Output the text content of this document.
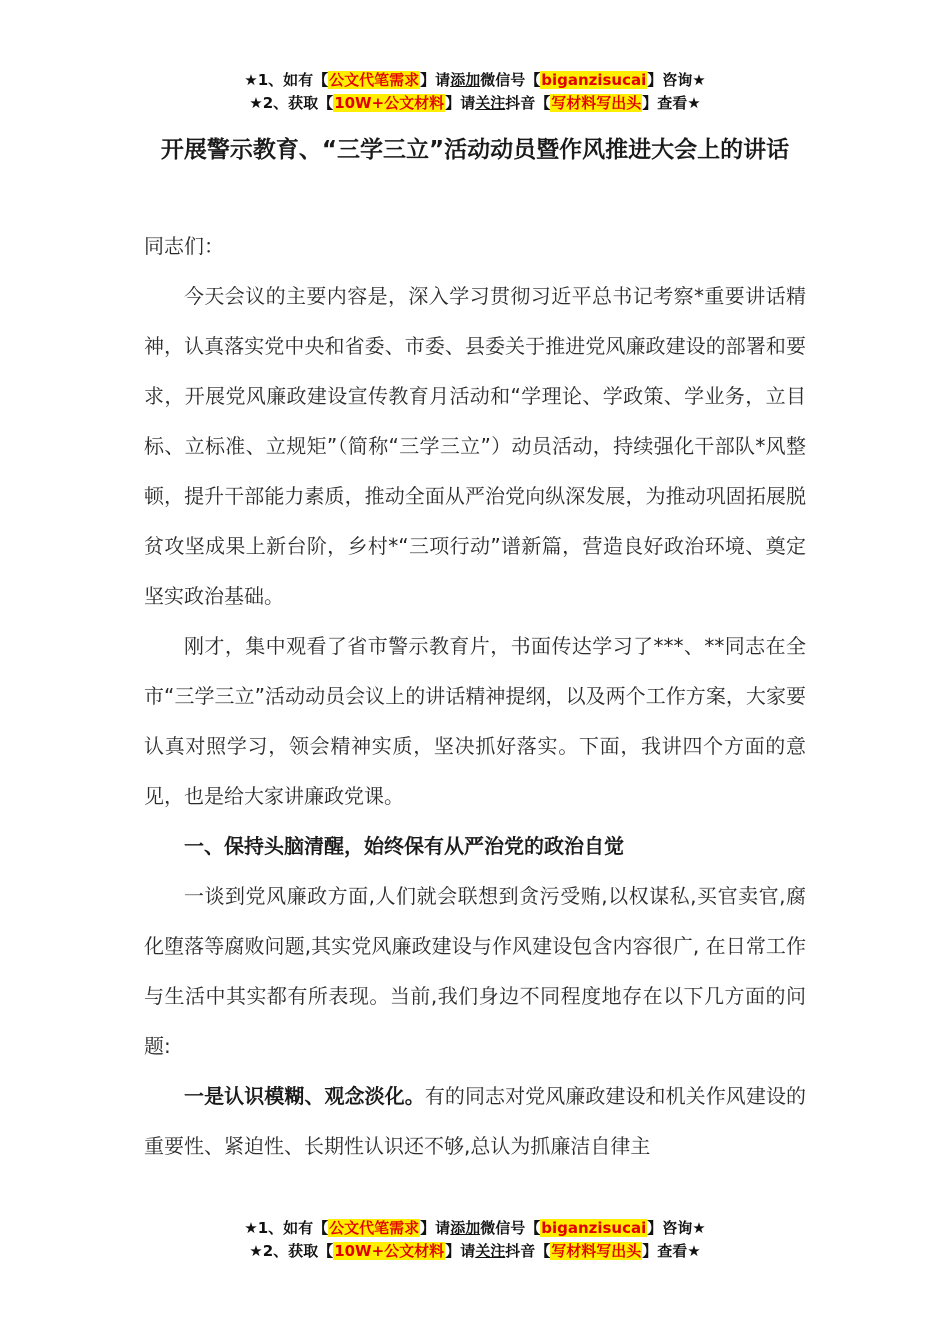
★1、如有【公文代笔需求】请添加微信号【biganzisucai】咨询★
★2、获取【10W+公文材料】请关注抖音【写材料写出头】查看★
开展警示教育、“三学三立”活动动员暨作风推进大会上的讲话

同志们：

今天会议的主要内容是，深入学习贯彻习近平总书记考察*重要讲话精神，认真落实党中央和省委、市委、县委关于推进党风廉政建设的部署和要求，开展党风廉政建设宣传教育月活动和“学理论、学政策、学业务，立目标、立标准、立规矩”（简称“三学三立”）动员活动，持续强化干部队*风整顿，提升干部能力素质，推动全面从严治党向纵深发展，为推动巩固拓展脱贫攻坚成果上新台阶，乡村*“三项行动”谱新篇，营造良好政治环境、奠定坚实政治基础。

刚才，集中观看了省市警示教育片，书面传达学习了***、**同志在全市“三学三立”活动动员会议上的讲话精神提纲，以及两个工作方案，大家要认真对照学习，领会精神实质，坚决抓好落实。下面，我讲四个方面的意见，也是给大家讲廉政党课。

一、保持头脑清醒，始终保有从严治党的政治自觉

一谈到党风廉政方面,人们就会联想到贪污受贿,以权谋私,买官卖官,腐化堕落等腐败问题,其实党风廉政建设与作风建设包含内容很广, 在日常工作与生活中其实都有所表现。当前,我们身边不同程度地存在以下几方面的问题:

一是认识模糊、观念淡化。有的同志对党风廉政建设和机关作风建设的重要性、紧迫性、长期性认识还不够,总认为抓廉洁自律主

★1、如有【公文代笔需求】请添加微信号【biganzisucai】咨询★
★2、获取【10W+公文材料】请关注抖音【写材料写出头】查看★
